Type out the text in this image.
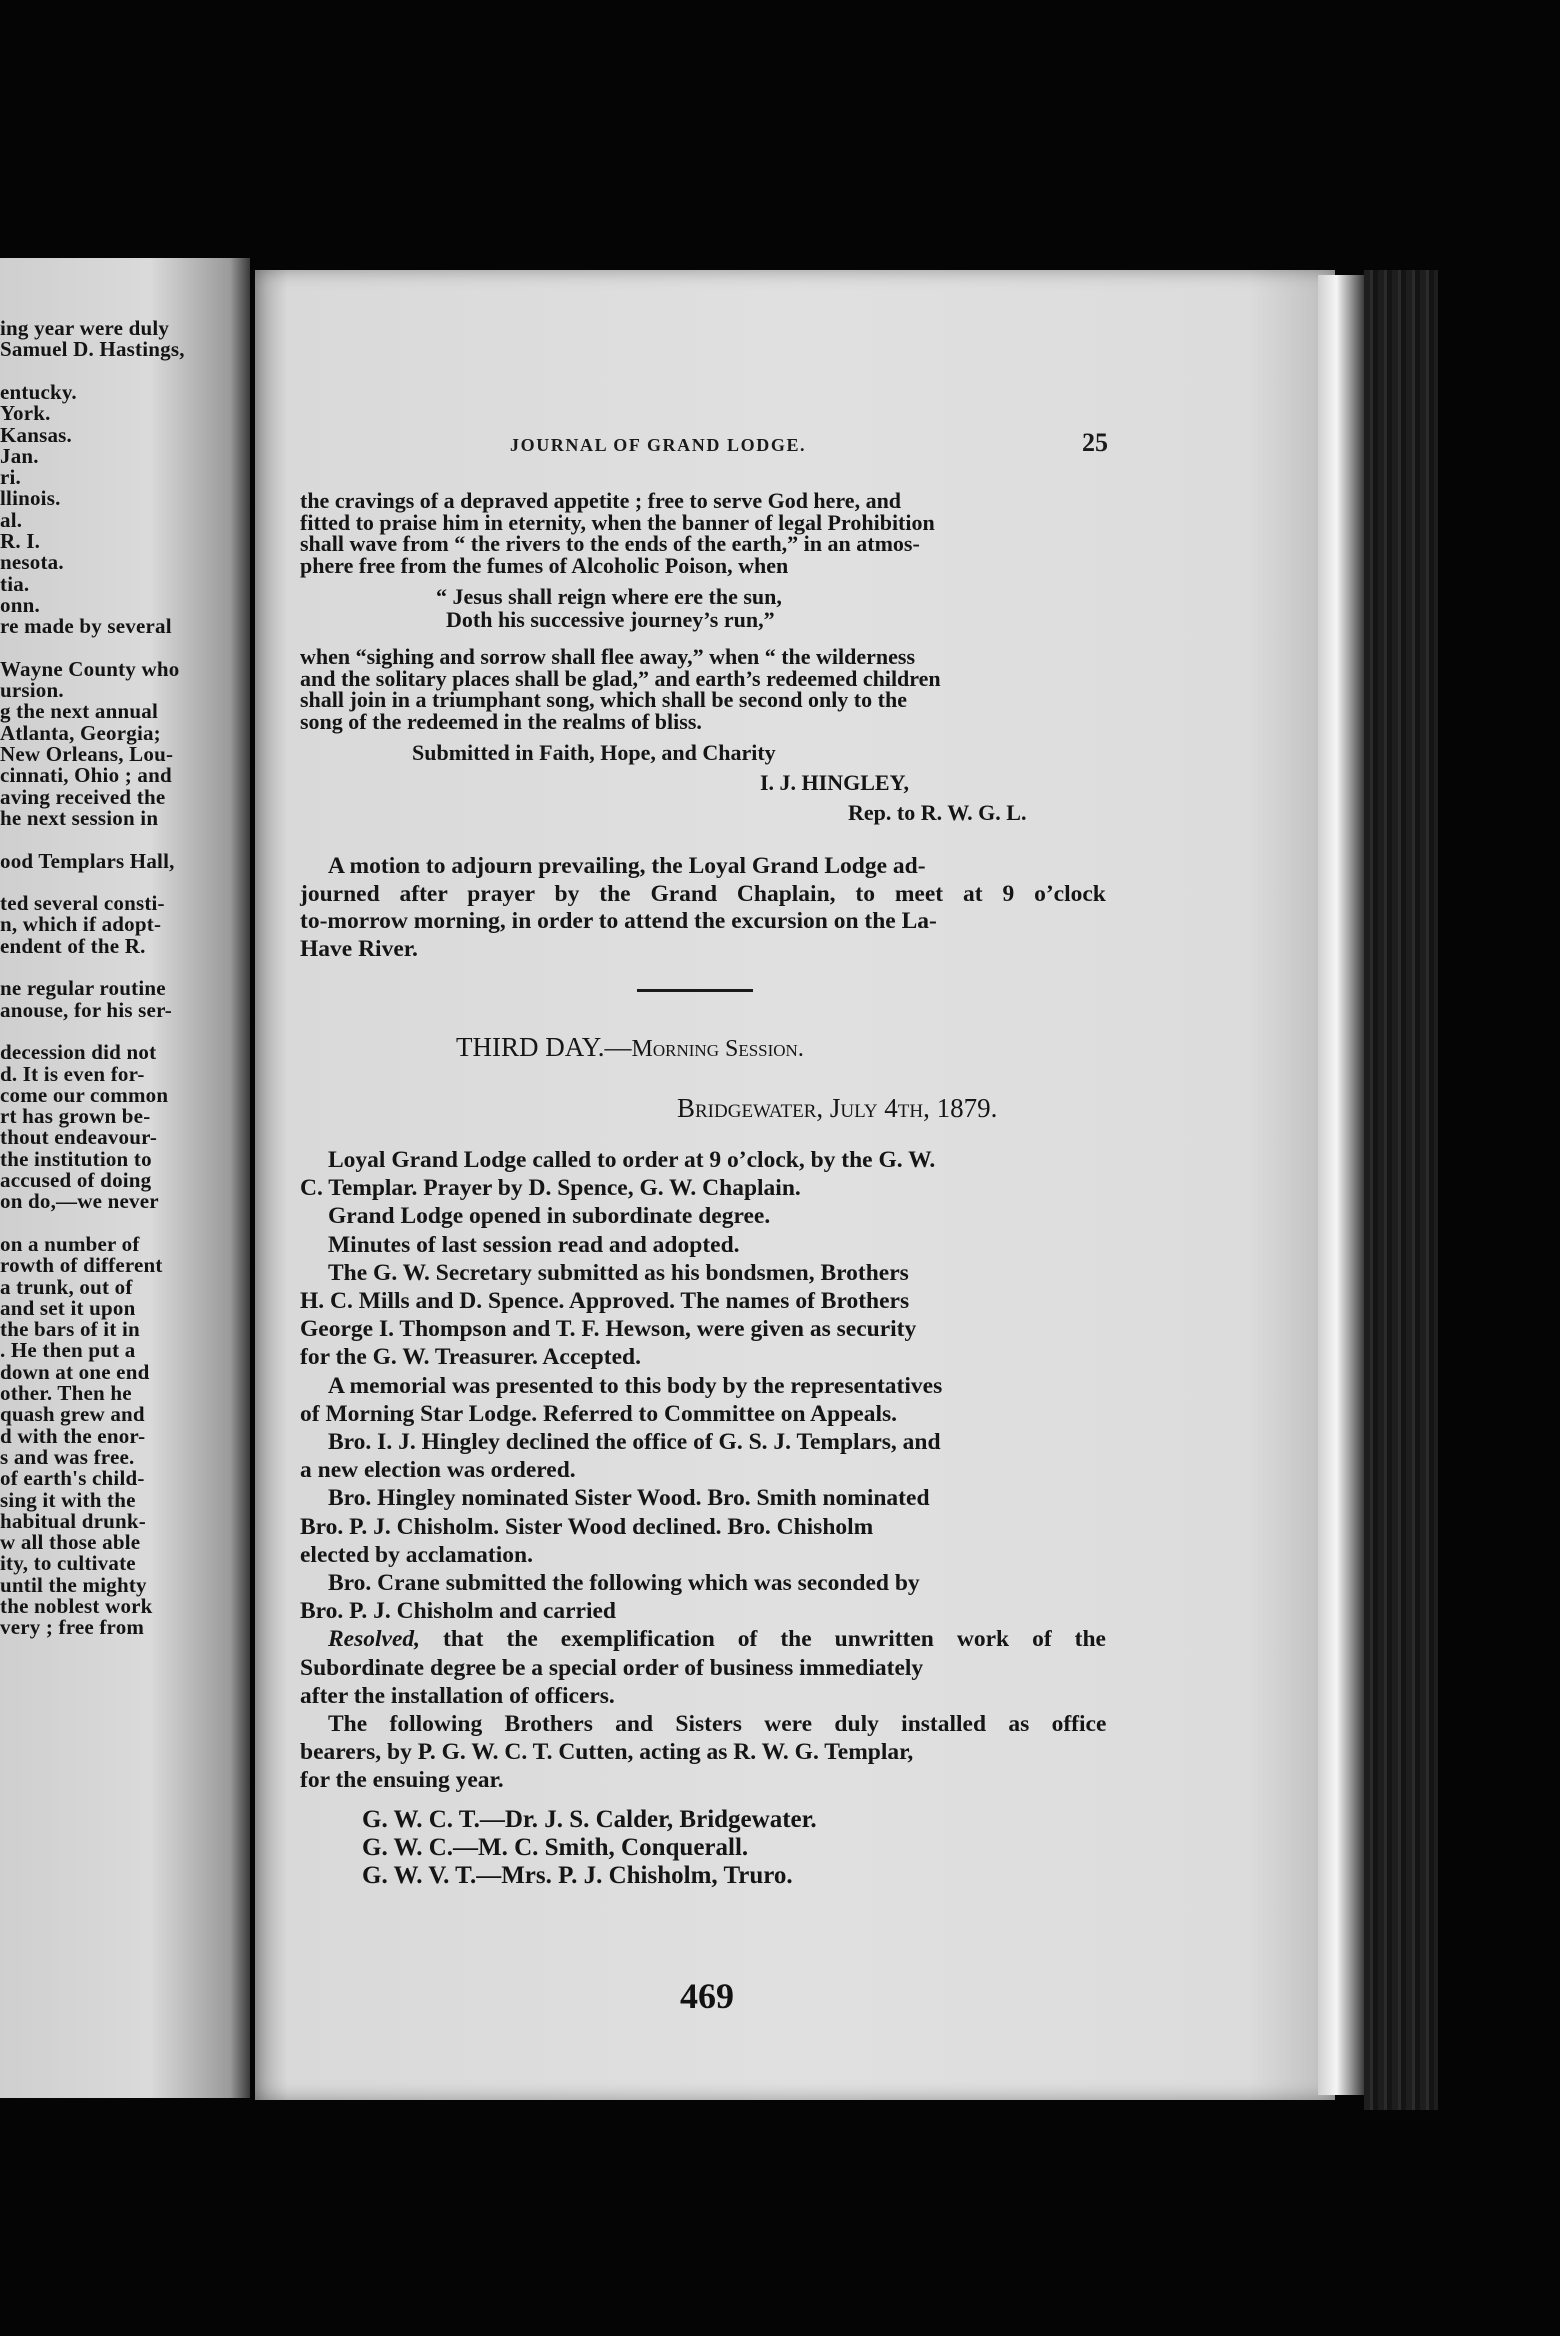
ing year were duly
Samuel D. Hastings,
entucky.
York.
Kansas.
Jan.
ri.
llinois.
al.
R. I.
nesota.
tia.
onn.
re made by several
Wayne County who
ursion.
g the next annual
Atlanta, Georgia;
New Orleans, Lou-
cinnati, Ohio ; and
aving received the
he next session in
ood Templars Hall,
ted several consti-
n, which if adopt-
endent of the R.
ne regular routine
anouse, for his ser-
decession did not
d. It is even for-
come our common
rt has grown be-
thout endeavour-
the institution to
accused of doing
on do,—we never
on a number of
rowth of different
a trunk, out of
and set it upon
the bars of it in
. He then put a
down at one end
other. Then he
quash grew and
d with the enor-
s and was free.
of earth's child-
sing it with the
habitual drunk-
w all those able
ity, to cultivate
until the mighty
the noblest work
very ; free from
JOURNAL OF GRAND LODGE.	25
the cravings of a depraved appetite ; free to serve God here, and
fitted to praise him in eternity, when the banner of legal Prohibition
shall wave from “ the rivers to the ends of the earth,” in an atmos-
phere free from the fumes of Alcoholic Poison, when
“ Jesus shall reign where ere the sun,
Doth his successive journey’s run,”
when “sighing and sorrow shall flee away,” when “ the wilderness
and the solitary places shall be glad,” and earth’s redeemed children
shall join in a triumphant song, which shall be second only to the
song of the redeemed in the realms of bliss.
Submitted in Faith, Hope, and Charity
I. J. HINGLEY,
Rep. to R. W. G. L.
A motion to adjourn prevailing, the Loyal Grand Lodge ad-
journed after prayer by the Grand Chaplain, to meet at 9 o’clock
to-morrow morning, in order to attend the excursion on the La-
Have River.
Loyal Grand Lodge called to order at 9 o’clock, by the G. W.
C. Templar. Prayer by D. Spence, G. W. Chaplain.
Grand Lodge opened in subordinate degree.
Minutes of last session read and adopted.
The G. W. Secretary submitted as his bondsmen, Brothers
H. C. Mills and D. Spence. Approved. The names of Brothers
George I. Thompson and T. F. Hewson, were given as security
for the G. W. Treasurer. Accepted.
A memorial was presented to this body by the representatives
of Morning Star Lodge. Referred to Committee on Appeals.
Bro. I. J. Hingley declined the office of G. S. J. Templars, and
a new election was ordered.
Bro. Hingley nominated Sister Wood. Bro. Smith nominated
Bro. P. J. Chisholm. Sister Wood declined. Bro. Chisholm
elected by acclamation.
Bro. Crane submitted the following which was seconded by
Bro. P. J. Chisholm and carried
Resolved, that the exemplification of the unwritten work of the
Subordinate degree be a special order of business immediately
after the installation of officers.
The following Brothers and Sisters were duly installed as office
bearers, by P. G. W. C. T. Cutten, acting as R. W. G. Templar,
for the ensuing year.
G. W. C. T.—Dr. J. S. Calder, Bridgewater.
G. W. C.—M. C. Smith, Conquerall.
G. W. V. T.—Mrs. P. J. Chisholm, Truro.
THIRD DAY.—Morning Session.
Bridgewater, July 4th, 1879.
469
